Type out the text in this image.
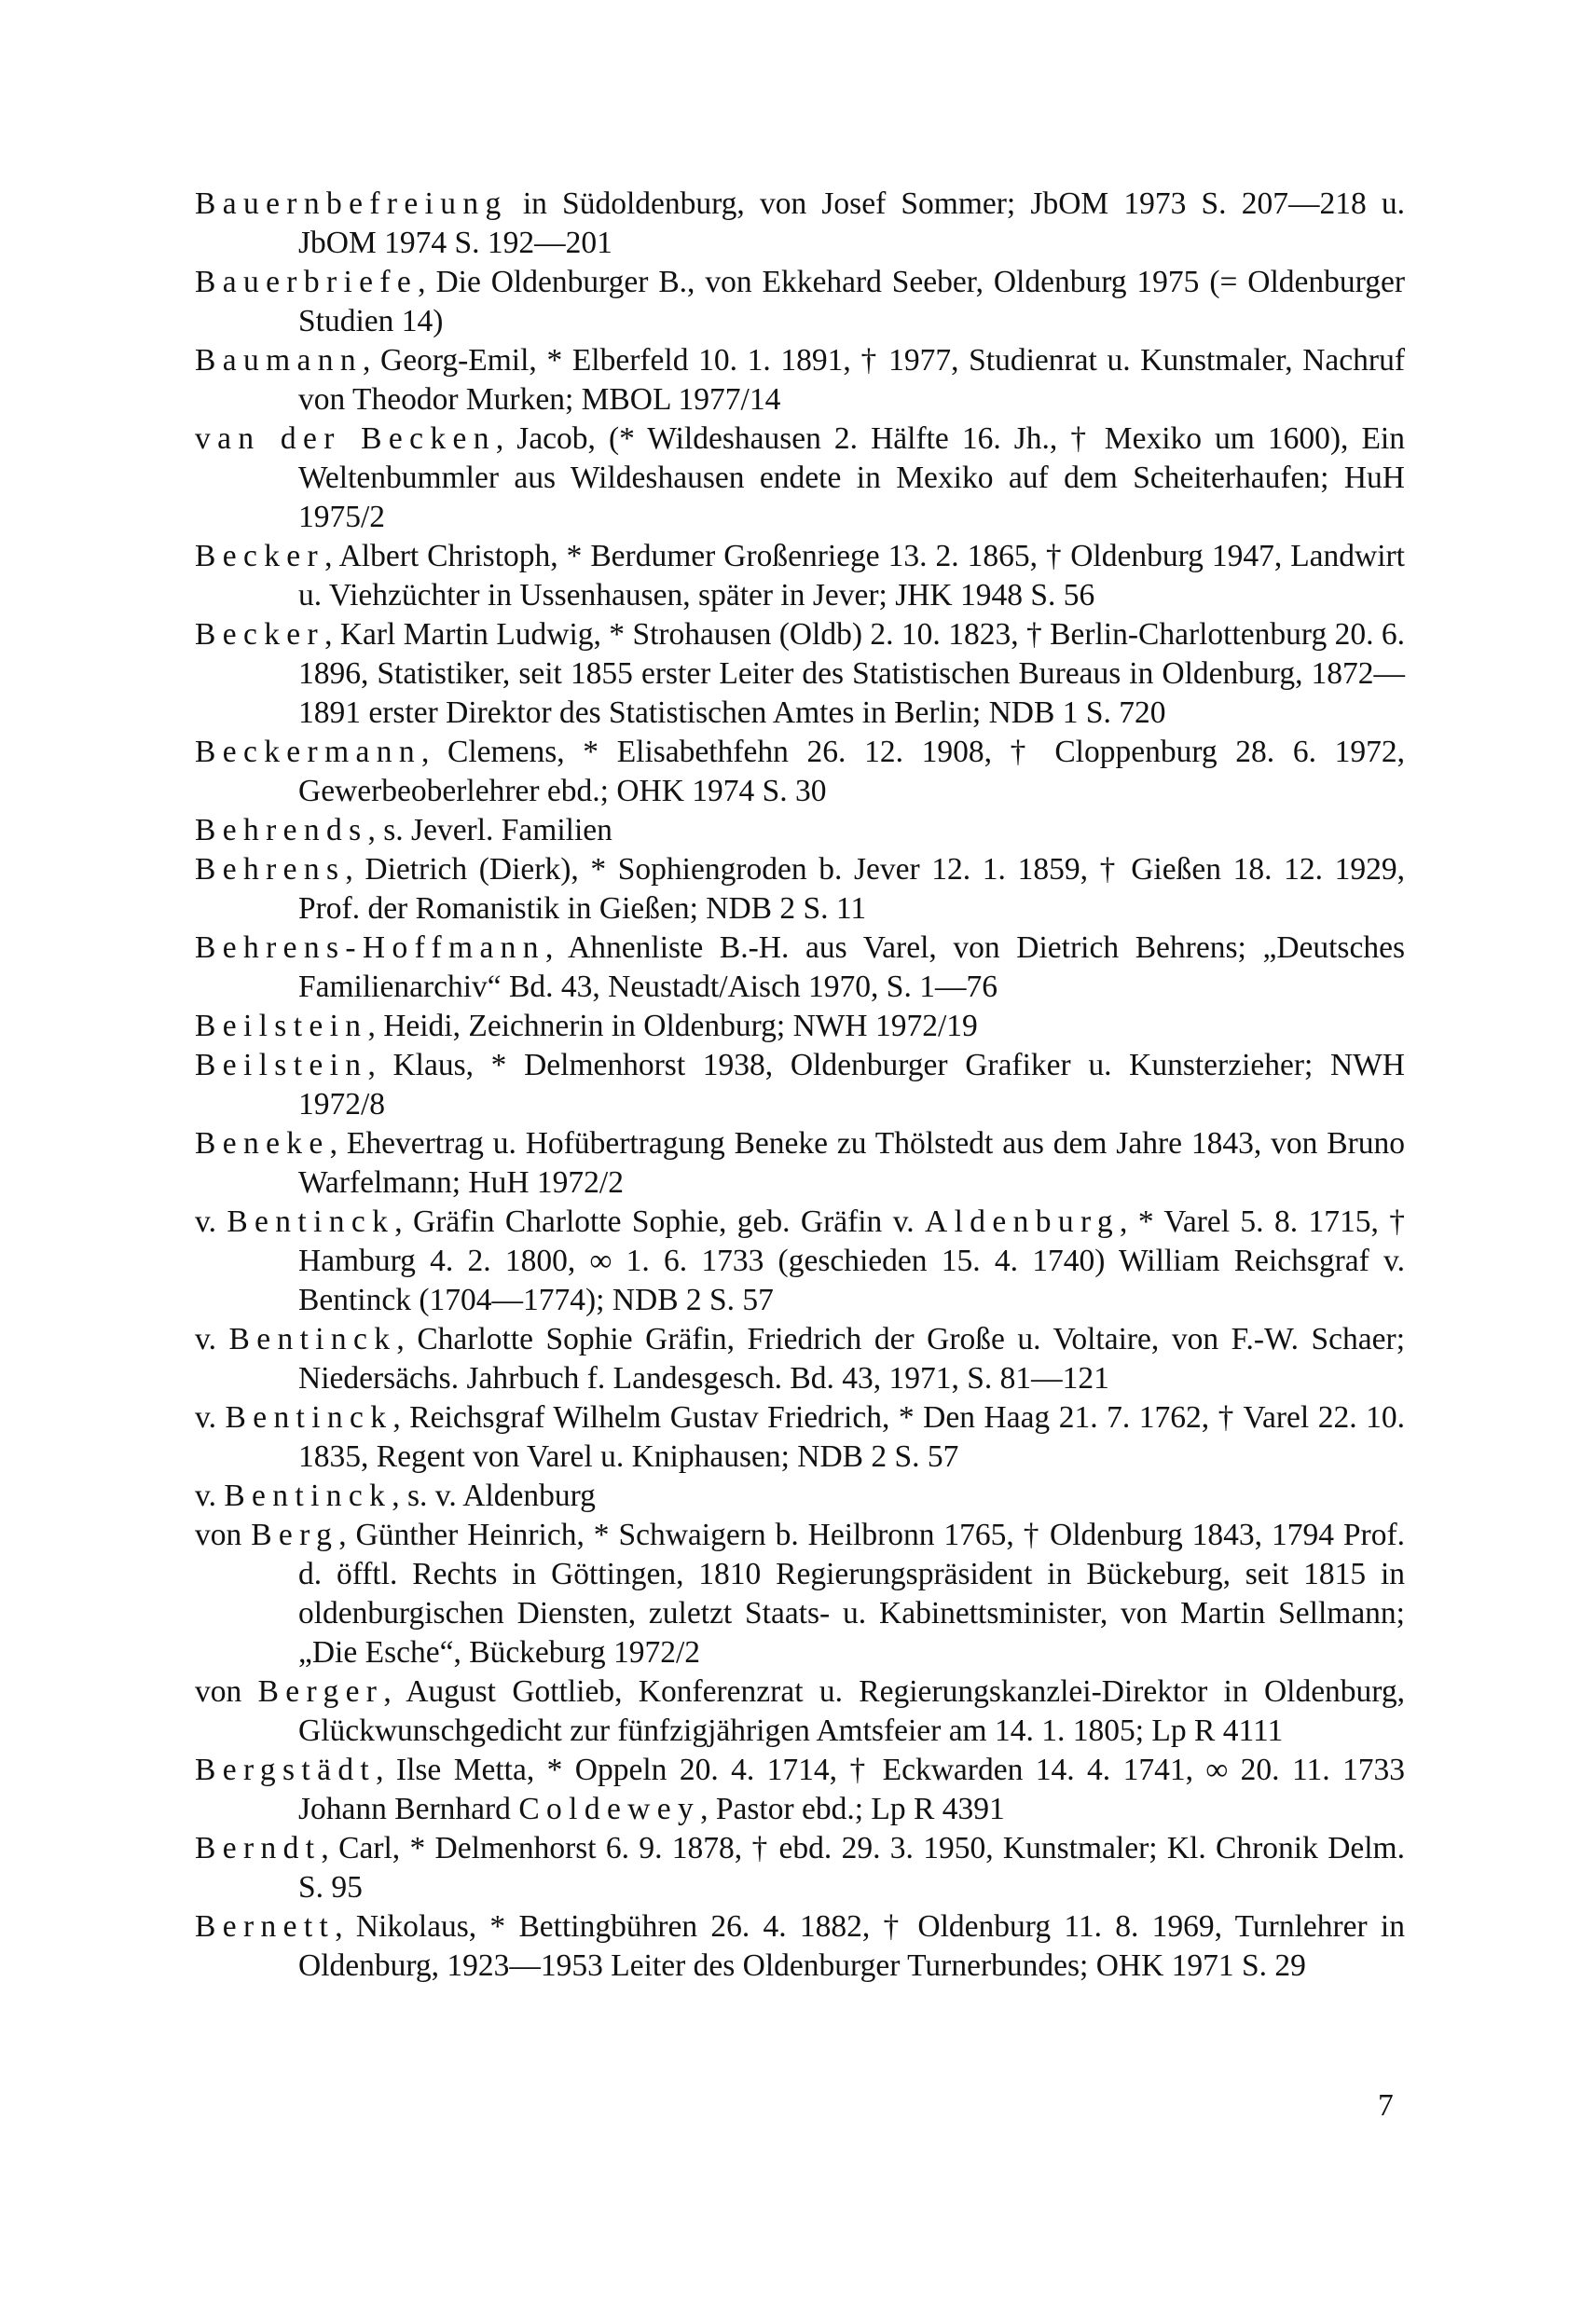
Bauernbefreiung in Südoldenburg, von Josef Sommer; JbOM 1973 S. 207—218 u. JbOM 1974 S. 192—201

Bauerbriefe, Die Oldenburger B., von Ekkehard Seeber, Oldenburg 1975 (= Oldenburger Studien 14)

Baumann, Georg-Emil, * Elberfeld 10. 1. 1891, † 1977, Studienrat u. Kunstmaler, Nachruf von Theodor Murken; MBOL 1977/14

van der Becken, Jacob, (* Wildeshausen 2. Hälfte 16. Jh., † Mexiko um 1600), Ein Weltenbummler aus Wildeshausen endete in Mexiko auf dem Scheiterhaufen; HuH 1975/2

Becker, Albert Christoph, * Berdumer Großenriege 13. 2. 1865, † Oldenburg 1947, Landwirt u. Viehzüchter in Ussenhausen, später in Jever; JHK 1948 S. 56

Becker, Karl Martin Ludwig, * Strohausen (Oldb) 2. 10. 1823, † Berlin-Charlottenburg 20. 6. 1896, Statistiker, seit 1855 erster Leiter des Statistischen Bureaus in Oldenburg, 1872—1891 erster Direktor des Statistischen Amtes in Berlin; NDB 1 S. 720

Beckermann, Clemens, * Elisabethfehn 26. 12. 1908, † Cloppenburg 28. 6. 1972, Gewerbeoberlehrer ebd.; OHK 1974 S. 30

Behrends, s. Jeverl. Familien

Behrens, Dietrich (Dierk), * Sophiengroden b. Jever 12. 1. 1859, † Gießen 18. 12. 1929, Prof. der Romanistik in Gießen; NDB 2 S. 11

Behrens-Hoffmann, Ahnenliste B.-H. aus Varel, von Dietrich Behrens; „Deutsches Familienarchiv“ Bd. 43, Neustadt/Aisch 1970, S. 1—76

Beilstein, Heidi, Zeichnerin in Oldenburg; NWH 1972/19

Beilstein, Klaus, * Delmenhorst 1938, Oldenburger Grafiker u. Kunsterzieher; NWH 1972/8

Beneke, Ehevertrag u. Hofübertragung Beneke zu Thölstedt aus dem Jahre 1843, von Bruno Warfelmann; HuH 1972/2

v. Bentinck, Gräfin Charlotte Sophie, geb. Gräfin v. Aldenburg, * Varel 5. 8. 1715, † Hamburg 4. 2. 1800, ∞ 1. 6. 1733 (geschieden 15. 4. 1740) William Reichsgraf v. Bentinck (1704—1774); NDB 2 S. 57

v. Bentinck, Charlotte Sophie Gräfin, Friedrich der Große u. Voltaire, von F.-W. Schaer; Niedersächs. Jahrbuch f. Landesgesch. Bd. 43, 1971, S. 81—121

v. Bentinck, Reichsgraf Wilhelm Gustav Friedrich, * Den Haag 21. 7. 1762, † Varel 22. 10. 1835, Regent von Varel u. Kniphausen; NDB 2 S. 57

v. Bentinck, s. v. Aldenburg

von Berg, Günther Heinrich, * Schwaigern b. Heilbronn 1765, † Oldenburg 1843, 1794 Prof. d. öfftl. Rechts in Göttingen, 1810 Regierungspräsident in Bückeburg, seit 1815 in oldenburgischen Diensten, zuletzt Staats- u. Kabinettsminister, von Martin Sellmann; „Die Esche“, Bückeburg 1972/2

von Berger, August Gottlieb, Konferenzrat u. Regierungskanzlei-Direktor in Oldenburg, Glückwunschgedicht zur fünfzigjährigen Amtsfeier am 14. 1. 1805; Lp R 4111

Bergstädt, Ilse Metta, * Oppeln 20. 4. 1714, † Eckwarden 14. 4. 1741, ∞ 20. 11. 1733 Johann Bernhard Coldewey, Pastor ebd.; Lp R 4391

Berndt, Carl, * Delmenhorst 6. 9. 1878, † ebd. 29. 3. 1950, Kunstmaler; Kl. Chronik Delm. S. 95

Bernett, Nikolaus, * Bettingbühren 26. 4. 1882, † Oldenburg 11. 8. 1969, Turnlehrer in Oldenburg, 1923—1953 Leiter des Oldenburger Turnerbundes; OHK 1971 S. 29

7
